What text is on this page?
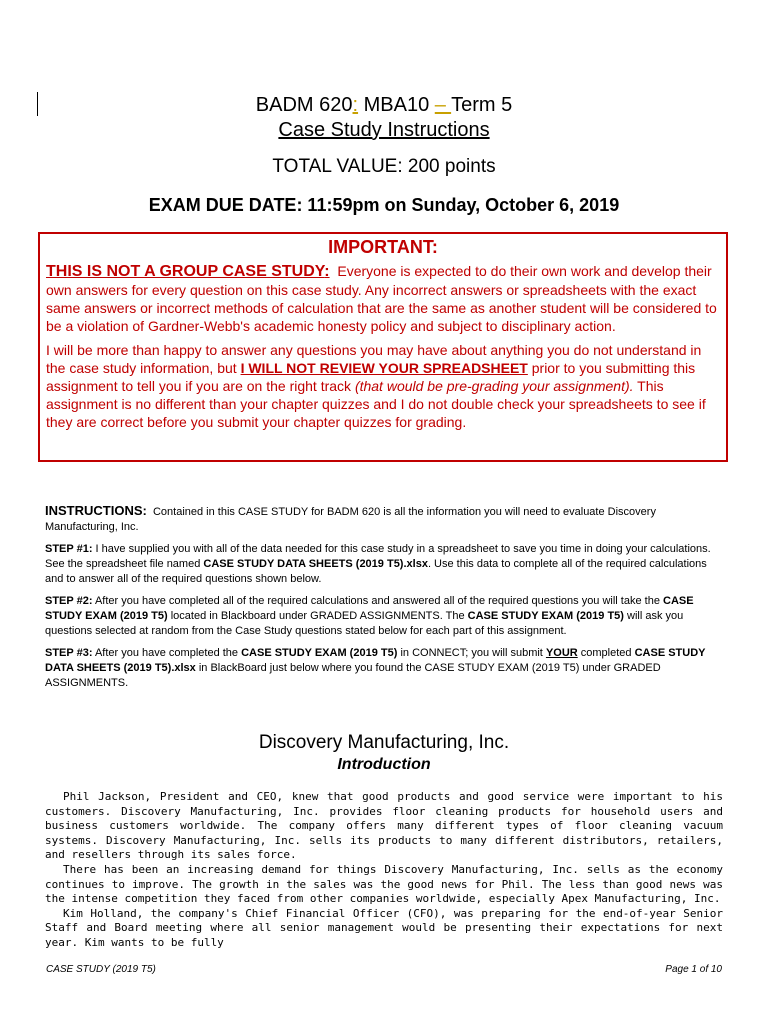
BADM 620: MBA10 – Term 5
Case Study Instructions
TOTAL VALUE: 200 points
EXAM DUE DATE: 11:59pm on Sunday, October 6, 2019
IMPORTANT:

THIS IS NOT A GROUP CASE STUDY: Everyone is expected to do their own work and develop their own answers for every question on this case study. Any incorrect answers or spreadsheets with the exact same answers or incorrect methods of calculation that are the same as another student will be considered to be a violation of Gardner-Webb's academic honesty policy and subject to disciplinary action.

I will be more than happy to answer any questions you may have about anything you do not understand in the case study information, but I WILL NOT REVIEW YOUR SPREADSHEET prior to you submitting this assignment to tell you if you are on the right track (that would be pre-grading your assignment). This assignment is no different than your chapter quizzes and I do not double check your spreadsheets to see if they are correct before you submit your chapter quizzes for grading.

INSTRUCTIONS: Contained in this CASE STUDY for BADM 620 is all the information you will need to evaluate Discovery Manufacturing, Inc.

STEP #1: I have supplied you with all of the data needed for this case study in a spreadsheet to save you time in doing your calculations. See the spreadsheet file named CASE STUDY DATA SHEETS (2019 T5).xlsx. Use this data to complete all of the required calculations and to answer all of the required questions shown below.

STEP #2: After you have completed all of the required calculations and answered all of the required questions you will take the CASE STUDY EXAM (2019 T5) located in Blackboard under GRADED ASSIGNMENTS. The CASE STUDY EXAM (2019 T5) will ask you questions selected at random from the Case Study questions stated below for each part of this assignment.

STEP #3: After you have completed the CASE STUDY EXAM (2019 T5) in CONNECT; you will submit YOUR completed CASE STUDY DATA SHEETS (2019 T5).xlsx in BlackBoard just below where you found the CASE STUDY EXAM (2019 T5) under GRADED ASSIGNMENTS.

Discovery Manufacturing, Inc.
Introduction

Phil Jackson, President and CEO, knew that good products and good service were important to his customers. Discovery Manufacturing, Inc. provides floor cleaning products for household users and business customers worldwide. The company offers many different types of floor cleaning vacuum systems. Discovery Manufacturing, Inc. sells its products to many different distributors, retailers, and resellers through its sales force.

There has been an increasing demand for things Discovery Manufacturing, Inc. sells as the economy continues to improve. The growth in the sales was the good news for Phil. The less than good news was the intense competition they faced from other companies worldwide, especially Apex Manufacturing, Inc.

Kim Holland, the company's Chief Financial Officer (CFO), was preparing for the end-of-year Senior Staff and Board meeting where all senior management would be presenting their expectations for next year. Kim wants to be fully

CASE STUDY (2019 T5)	Page 1 of 10
